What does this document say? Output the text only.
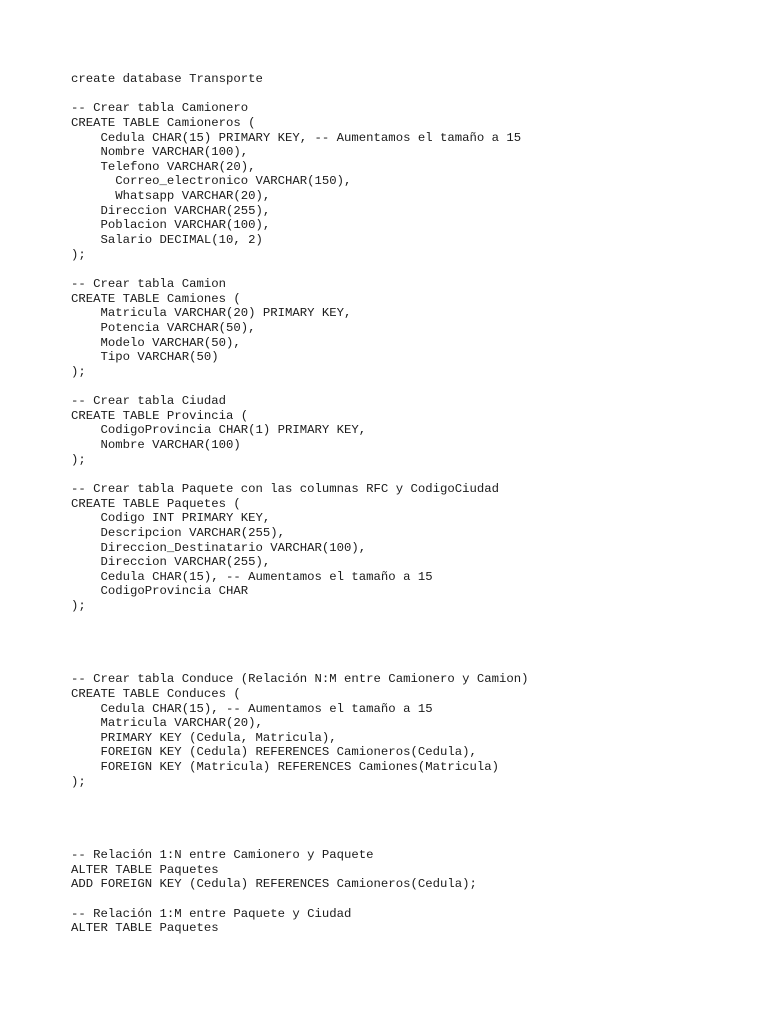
create database Transporte
-- Crear tabla Camionero
CREATE TABLE Camioneros (
Cedula CHAR(15) PRIMARY KEY, -- Aumentamos el tamaño a 15
Nombre VARCHAR(100),
Telefono VARCHAR(20),
Correo_electronico VARCHAR(150),
Whatsapp VARCHAR(20),
Direccion VARCHAR(255),
Poblacion VARCHAR(100),
Salario DECIMAL(10, 2)
);
-- Crear tabla Camion
CREATE TABLE Camiones (
Matricula VARCHAR(20) PRIMARY KEY,
Potencia VARCHAR(50),
Modelo VARCHAR(50),
Tipo VARCHAR(50)
);
-- Crear tabla Ciudad
CREATE TABLE Provincia (
CodigoProvincia CHAR(1) PRIMARY KEY,
Nombre VARCHAR(100)
);
-- Crear tabla Paquete con las columnas RFC y CodigoCiudad
CREATE TABLE Paquetes (
Codigo INT PRIMARY KEY,
Descripcion VARCHAR(255),
Direccion_Destinatario VARCHAR(100),
Direccion VARCHAR(255),
Cedula CHAR(15), -- Aumentamos el tamaño a 15
CodigoProvincia CHAR
);
-- Crear tabla Conduce (Relación N:M entre Camionero y Camion)
CREATE TABLE Conduces (
Cedula CHAR(15), -- Aumentamos el tamaño a 15
Matricula VARCHAR(20),
PRIMARY KEY (Cedula, Matricula),
FOREIGN KEY (Cedula) REFERENCES Camioneros(Cedula),
FOREIGN KEY (Matricula) REFERENCES Camiones(Matricula)
);
-- Relación 1:N entre Camionero y Paquete
ALTER TABLE Paquetes
ADD FOREIGN KEY (Cedula) REFERENCES Camioneros(Cedula);
-- Relación 1:M entre Paquete y Ciudad
ALTER TABLE Paquetes
